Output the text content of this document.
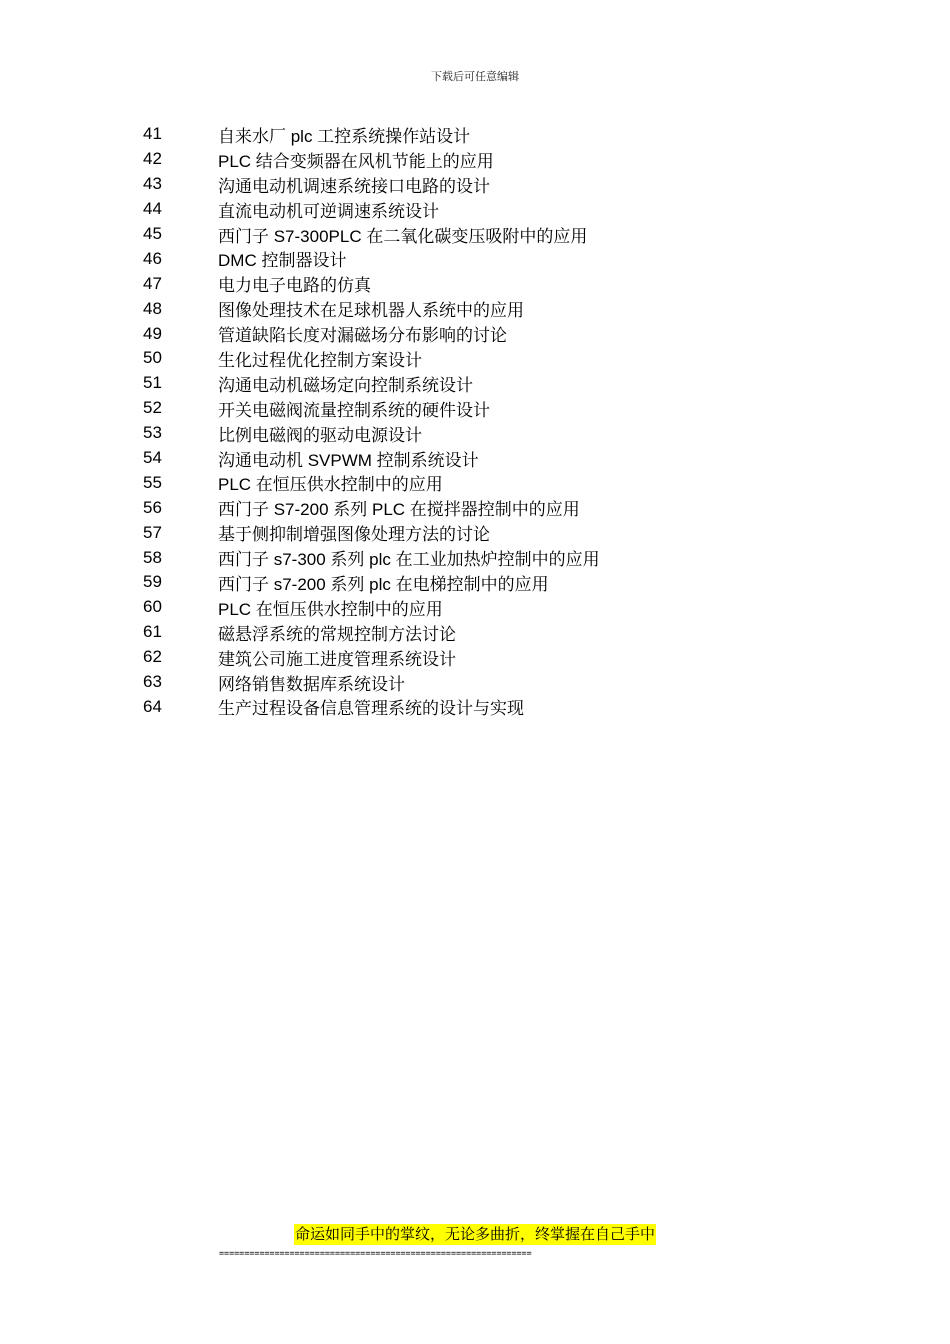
下载后可任意编辑
41	自来水厂 plc 工控系统操作站设计
42	PLC 结合变频器在风机节能上的应用
43	沟通电动机调速系统接口电路的设计
44	直流电动机可逆调速系统设计
45	西门子 S7-300PLC 在二氧化碳变压吸附中的应用
46	DMC 控制器设计
47	电力电子电路的仿真
48	图像处理技术在足球机器人系统中的应用
49	管道缺陷长度对漏磁场分布影响的讨论
50	生化过程优化控制方案设计
51	沟通电动机磁场定向控制系统设计
52	开关电磁阀流量控制系统的硬件设计
53	比例电磁阀的驱动电源设计
54	沟通电动机 SVPWM 控制系统设计
55	PLC 在恒压供水控制中的应用
56	西门子 S7-200 系列 PLC 在搅拌器控制中的应用
57	基于侧抑制增强图像处理方法的讨论
58	西门子 s7-300 系列 plc 在工业加热炉控制中的应用
59	西门子 s7-200 系列 plc 在电梯控制中的应用
60	PLC 在恒压供水控制中的应用
61	磁悬浮系统的常规控制方法讨论
62	建筑公司施工进度管理系统设计
63	网络销售数据库系统设计
64	生产过程设备信息管理系统的设计与实现
命运如同手中的掌纹，无论多曲折，终掌握在自己手中
==============================================================
